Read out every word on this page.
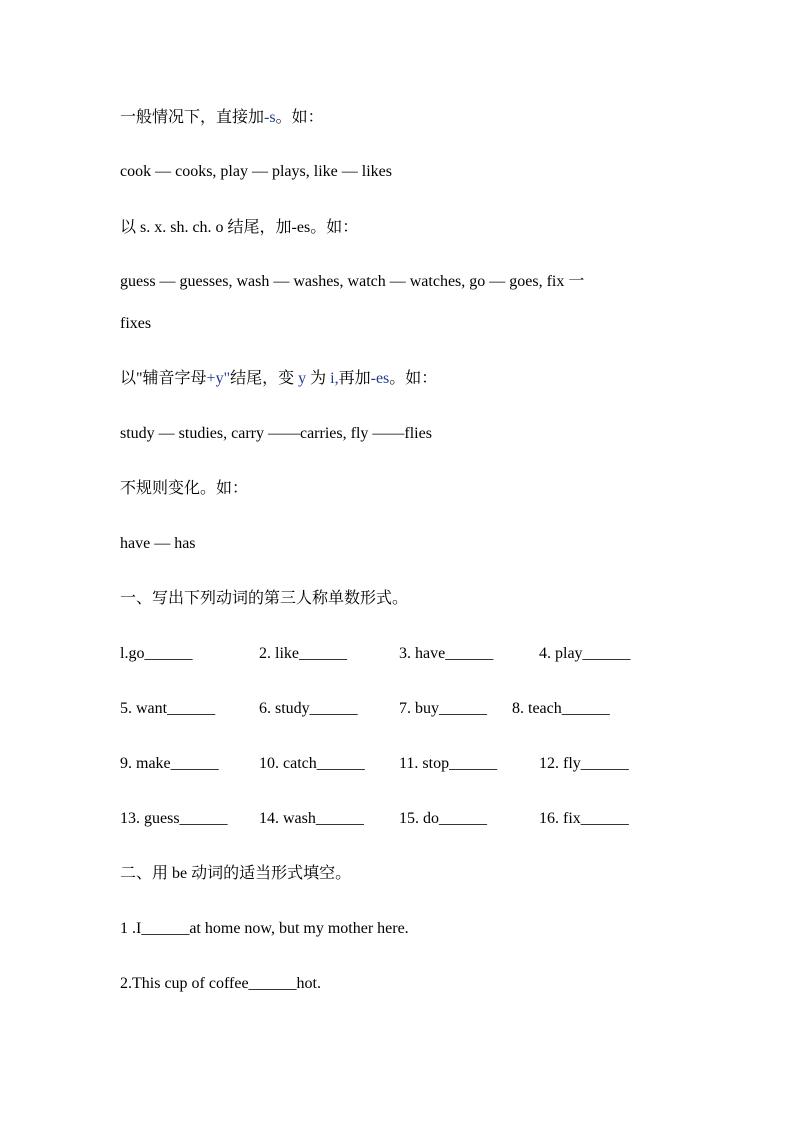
一般情况下，直接加-s。如：
cook — cooks, play — plays, like — likes
以 s. x. sh. ch. o 结尾，加-es。如：
guess — guesses, wash — washes, watch — watches, go — goes, fix 一
fixes
以"辅音字母+y"结尾，变 y 为 i,再加-es。如：
study — studies, carry ——carries, fly ——flies
不规则变化。如：
have — has
一、写出下列动词的第三人称单数形式。
l.go______	2. like______	3. have______	4. play______
5. want______	6. study______	7. buy______ 8. teach______
9. make______	10. catch______ 11. stop______	12. fly______
13. guess______ 14. wash______ 15. do______	16. fix______
二、用 be 动词的适当形式填空。
1 .I______at home now, but my mother here.
2.This cup of coffee______hot.
